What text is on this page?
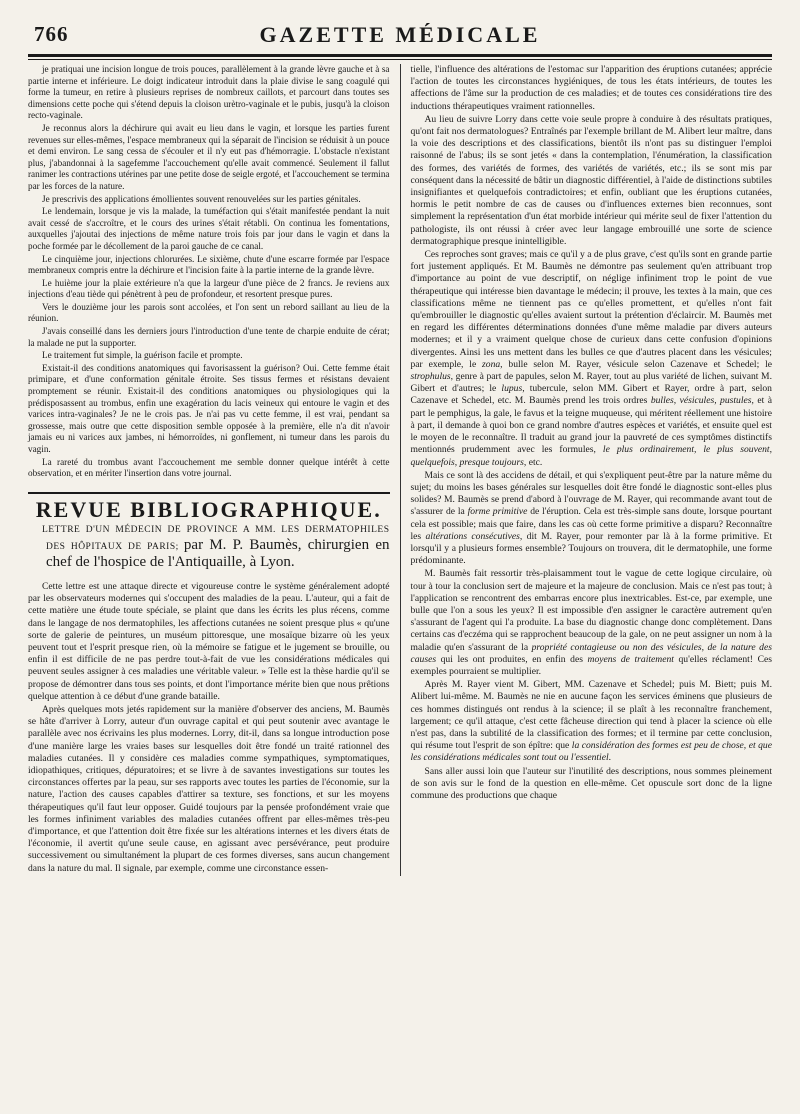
766	GAZETTE MÉDICALE

je pratiquai une incision longue de trois pouces, parallèlement à la grande lèvre gauche et à sa partie interne et inférieure. Le doigt indicateur introduit dans la plaie divise le sang coagulé qui forme la tumeur, en retire à plusieurs reprises de nombreux caillots, et parcourt dans toutes ses dimensions cette poche qui s'étend depuis la cloison urètro-vaginale et le pubis, jusqu'à la cloison recto-vaginale.

Je reconnus alors la déchirure qui avait eu lieu dans le vagin, et lorsque les parties furent revenues sur elles-mêmes, l'espace membraneux qui la séparait de l'incision se réduisit à un pouce et demi environ. Le sang cessa de s'écouler et il n'y eut pas d'hémorragie. L'obstacle n'existant plus, j'abandonnai à la sagefemme l'accouchement qu'elle avait commencé. Seulement il fallut ranimer les contractions utérines par une petite dose de seigle ergoté, et l'accouchement se termina par les forces de la nature.

Je prescrivis des applications émollientes souvent renouvelées sur les parties génitales.

Le lendemain, lorsque je vis la malade, la tuméfaction qui s'était manifestée pendant la nuit avait cessé de s'accroître, et le cours des urines s'était rétabli. On continua les fomentations, auxquelles j'ajoutai des injections de même nature trois fois par jour dans le vagin et dans la poche formée par le décollement de la paroi gauche de ce canal.

Le cinquième jour, injections chlorurées. Le sixième, chute d'une escarre formée par l'espace membraneux compris entre la déchirure et l'incision faite à la partie interne de la grande lèvre.

Le huième jour la plaie extérieure n'a que la largeur d'une pièce de 2 francs. Je reviens aux injections d'eau tiède qui pénètrent à peu de profondeur, et resortent presque pures.

Vers le douzième jour les parois sont accolées, et l'on sent un rebord saillant au lieu de la réunion.

J'avais conseillé dans les derniers jours l'introduction d'une tente de charpie enduite de cérat; la malade ne put la supporter.

Le traitement fut simple, la guérison facile et prompte.

Existait-il des conditions anatomiques qui favorisassent la guérison? Oui. Cette femme était primipare, et d'une conformation génitale étroite. Ses tissus fermes et résistans devaient promptement se réunir. Existait-il des conditions anatomiques ou physiologiques qui la prédisposassent au trombus, enfin une exagération du lacis veineux qui entoure le vagin et des varices intra-vaginales? Je ne le crois pas. Je n'ai pas vu cette femme, il est vrai, pendant sa grossesse, mais outre que cette disposition semble opposée à la première, elle n'a dit n'avoir jamais eu ni varices aux jambes, ni hémorroïdes, ni gonflement, ni tumeur dans les parois du vagin.

La rareté du trombus avant l'accouchement me semble donner quelque intérêt à cette observation, et en mériter l'insertion dans votre journal.

REVUE BIBLIOGRAPHIQUE.
LETTRE D'UN MÉDECIN DE PROVINCE A MM. LES DERMATOPHILES DES HÔPITAUX DE PARIS; par M. P. Baumès, chirurgien en chef de l'hospice de l'Antiquaille, à Lyon.

Cette lettre est une attaque directe et vigoureuse contre le système généralement adopté par les observateurs modernes qui s'occupent des maladies de la peau. L'auteur, qui a fait de cette matière une étude toute spéciale, se plaint que dans les écrits les plus récens, comme dans le langage de nos dermatophiles, les affections cutanées ne soient presque plus « qu'une sorte de galerie de peintures, un muséum pittoresque, une mosaïque bizarre où les yeux peuvent tout et l'esprit presque rien, où la mémoire se fatigue et le jugement se brouille, ou enfin il est difficile de ne pas perdre tout-à-fait de vue les considérations médicales qui peuvent seules assigner à ces maladies une véritable valeur. » Telle est la thèse hardie qu'il se propose de démontrer dans tous ses points, et dont l'importance mérite bien que nous prêtions quelque attention à ce début d'une grande bataille.

Après quelques mots jetés rapidement sur la manière d'observer des anciens, M. Baumès se hâte d'arriver à Lorry, auteur d'un ouvrage capital et qui peut soutenir avec avantage le parallèle avec nos écrivains les plus modernes. Lorry, dit-il, dans sa longue introduction pose d'une manière large les vraies bases sur lesquelles doit être fondé un traité rationnel des maladies cutanées. Il y considère ces maladies comme sympathiques, symptomatiques, idiopathiques, critiques, dépuratoires; et se livre à de savantes investigations sur toutes les circonstances offertes par la peau, sur ses rapports avec toutes les parties de l'économie, sur la nature, l'action des causes capables d'attirer sa texture, ses fonctions, et sur les moyens thérapeutiques qu'il faut leur opposer. Guidé toujours par la pensée profondément vraie que les formes infiniment variables des maladies cutanées offrent par elles-mêmes très-peu d'importance, et que l'attention doit être fixée sur les altérations internes et les divers états de l'économie, il avertit qu'une seule cause, en agissant avec persévérance, peut produire successivement ou simultanément la plupart de ces formes diverses, sans aucun changement dans la nature du mal. Il signale, par exemple, comme une circonstance essen-

tielle, l'influence des altérations de l'estomac sur l'apparition des éruptions cutanées; apprécie l'action de toutes les circonstances hygiéniques, de tous les états intérieurs, de toutes les affections de l'âme sur la production de ces maladies; et de toutes ces considérations tire des inductions thérapeutiques vraiment rationnelles.

Au lieu de suivre Lorry dans cette voie seule propre à conduire à des résultats pratiques, qu'ont fait nos dermatologues? Entraînés par l'exemple brillant de M. Alibert leur maître, dans la voie des descriptions et des classifications, bientôt ils n'ont pas su distinguer l'emploi raisonné de l'abus; ils se sont jetés « dans la contemplation, l'énumération, la classification des formes, des variétés de formes, des variétés de variétés, etc.; ils se sont mis par conséquent dans la nécessité de bâtir un diagnostic différentiel, à l'aide de distinctions subtiles insignifiantes et quelquefois contradictoires; et enfin, oubliant que les éruptions cutanées, hormis le petit nombre de cas de causes ou d'influences externes bien reconnues, sont simplement la représentation d'un état morbide intérieur qui mérite seul de fixer l'attention du pathologiste, ils ont réussi à créer avec leur langage embrouillé une sorte de science dermatographique presque inintelligible.

Ces reproches sont graves; mais ce qu'il y a de plus grave, c'est qu'ils sont en grande partie fort justement appliqués. Et M. Baumès ne démontre pas seulement qu'en attribuant trop d'importance au point de vue descriptif, on néglige infiniment trop le point de vue thérapeutique qui intéresse bien davantage le médecin; il prouve, les textes à la main, que ces classifications même ne tiennent pas ce qu'elles promettent, et qu'elles n'ont fait qu'embrouiller le diagnostic qu'elles avaient surtout la prétention d'éclaircir. M. Baumès met en regard les différentes déterminations données d'une même maladie par divers auteurs modernes; et il y a vraiment quelque chose de curieux dans cette confusion d'opinions divergentes. Ainsi les uns mettent dans les bulles ce que d'autres placent dans les vésicules; par exemple, le zona, bulle selon M. Rayer, vésicule selon Cazenave et Schedel; le strophulus, genre à part de papules, selon M. Rayer, tout au plus variété de lichen, suivant M. Gibert et d'autres; le lupus, tubercule, selon MM. Gibert et Rayer, ordre à part, selon Cazenave et Schedel, etc. M. Baumès prend les trois ordres bulles, vésicules, pustules, et à part le pemphigus, la gale, le favus et la teigne muqueuse, qui méritent réellement une histoire à part, il demande à quoi bon ce grand nombre d'autres espèces et variétés, et ensuite quel est le moyen de le reconnaître. Il traduit au grand jour la pauvreté de ces symptômes distinctifs mentionnés prudemment avec les formules, le plus ordinairement, le plus souvent, quelquefois, presque toujours, etc.

Mais ce sont là des accidens de détail, et qui s'expliquent peut-être par la nature même du sujet; du moins les bases générales sur lesquelles doit être fondé le diagnostic sont-elles plus solides? M. Baumès se prend d'abord à l'ouvrage de M. Rayer, qui recommande avant tout de s'assurer de la forme primitive de l'éruption. Cela est très-simple sans doute, lorsque pourtant cela est possible; mais que faire, dans les cas où cette forme primitive a disparu? Reconnaître les altérations consécutives, dit M. Rayer, pour remonter par là à la forme primitive. Et lorsqu'il y a plusieurs formes ensemble? Toujours on trouvera, dit le dermatophile, une forme prédominante.

M. Baumès fait ressortir très-plaisamment tout le vague de cette logique circulaire, où tour à tour la conclusion sert de majeure et la majeure de conclusion. Mais ce n'est pas tout; à l'application se rencontrent des embarras encore plus inextricables. Est-ce, par exemple, une bulle que l'on a sous les yeux? Il est impossible d'en assigner le caractère autrement qu'en s'assurant de l'agent qui l'a produite. La base du diagnostic change donc complètement. Dans certains cas d'eczéma qui se rapprochent beaucoup de la gale, on ne peut assigner un nom à la maladie qu'en s'assurant de la propriété contagieuse ou non des vésicules, de la nature des causes qui les ont produites, en enfin des moyens de traitement qu'elles réclament! Ces exemples pourraient se multiplier.

Après M. Rayer vient M. Gibert, MM. Cazenave et Schedel; puis M. Biett; puis M. Alibert lui-même. M. Baumès ne nie en aucune façon les services éminens que plusieurs de ces hommes distingués ont rendus à la science; il se plaît à les reconnaître franchement, largement; ce qu'il attaque, c'est cette fâcheuse direction qui tend à placer la science où elle n'est pas, dans la subtilité de la classification des formes; et il termine par cette conclusion, qui résume tout l'esprit de son épître: que la considération des formes est peu de chose, et que les considérations médicales sont tout ou l'essentiel.

Sans aller aussi loin que l'auteur sur l'inutilité des descriptions, nous sommes pleinement de son avis sur le fond de la question en elle-même. Cet opuscule sort donc de la ligne commune des productions que chaque
